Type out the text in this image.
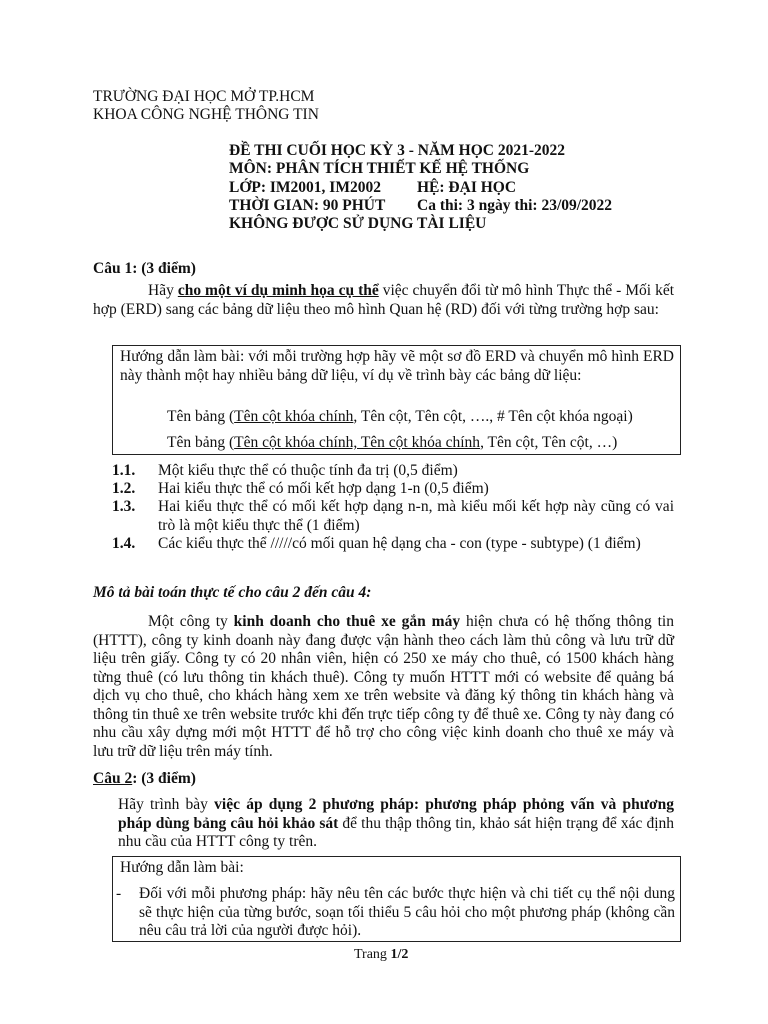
TRƯỜNG ĐẠI HỌC MỞ TP.HCM
KHOA CÔNG NGHỆ THÔNG TIN
ĐỀ THI CUỐI HỌC KỲ 3 - NĂM HỌC 2021-2022
MÔN: PHÂN TÍCH THIẾT KẾ HỆ THỐNG
LỚP: IM2001, IM2002 HỆ: ĐẠI HỌC
THỜI GIAN: 90 PHÚT Ca thi: 3 ngày thi: 23/09/2022
KHÔNG ĐƯỢC SỬ DỤNG TÀI LIỆU
Câu 1: (3 điểm)
Hãy cho một ví dụ minh họa cụ thể việc chuyển đổi từ mô hình Thực thể - Mối kết hợp (ERD) sang các bảng dữ liệu theo mô hình Quan hệ (RD) đối với từng trường hợp sau:
Hướng dẫn làm bài: với mỗi trường hợp hãy vẽ một sơ đồ ERD và chuyển mô hình ERD này thành một hay nhiều bảng dữ liệu, ví dụ về trình bày các bảng dữ liệu:
Tên bảng (Tên cột khóa chính, Tên cột, Tên cột, …., # Tên cột khóa ngoại)
Tên bảng (Tên cột khóa chính, Tên cột khóa chính, Tên cột, Tên cột, …)
1.1. Một kiểu thực thể có thuộc tính đa trị (0,5 điểm)
1.2. Hai kiểu thực thể có mối kết hợp dạng 1-n (0,5 điểm)
1.3. Hai kiểu thực thể có mối kết hợp dạng n-n, mà kiểu mối kết hợp này cũng có vai trò là một kiểu thực thể (1 điểm)
1.4. Các kiểu thực thể /////có mối quan hệ dạng cha - con (type - subtype) (1 điểm)
Mô tả bài toán thực tế cho câu 2 đến câu 4:
Một công ty kinh doanh cho thuê xe gắn máy hiện chưa có hệ thống thông tin (HTTT), công ty kinh doanh này đang được vận hành theo cách làm thủ công và lưu trữ dữ liệu trên giấy. Công ty có 20 nhân viên, hiện có 250 xe máy cho thuê, có 1500 khách hàng từng thuê (có lưu thông tin khách thuê). Công ty muốn HTTT mới có website để quảng bá dịch vụ cho thuê, cho khách hàng xem xe trên website và đăng ký thông tin khách hàng và thông tin thuê xe trên website trước khi đến trực tiếp công ty để thuê xe. Công ty này đang có nhu cầu xây dựng mới một HTTT để hỗ trợ cho công việc kinh doanh cho thuê xe máy và lưu trữ dữ liệu trên máy tính.
Câu 2: (3 điểm)
Hãy trình bày việc áp dụng 2 phương pháp: phương pháp phỏng vấn và phương pháp dùng bảng câu hỏi khảo sát để thu thập thông tin, khảo sát hiện trạng để xác định nhu cầu của HTTT công ty trên.
Hướng dẫn làm bài:
- Đối với mỗi phương pháp: hãy nêu tên các bước thực hiện và chi tiết cụ thể nội dung sẽ thực hiện của từng bước, soạn tối thiểu 5 câu hỏi cho một phương pháp (không cần nêu câu trả lời của người được hỏi).
Trang 1/2
